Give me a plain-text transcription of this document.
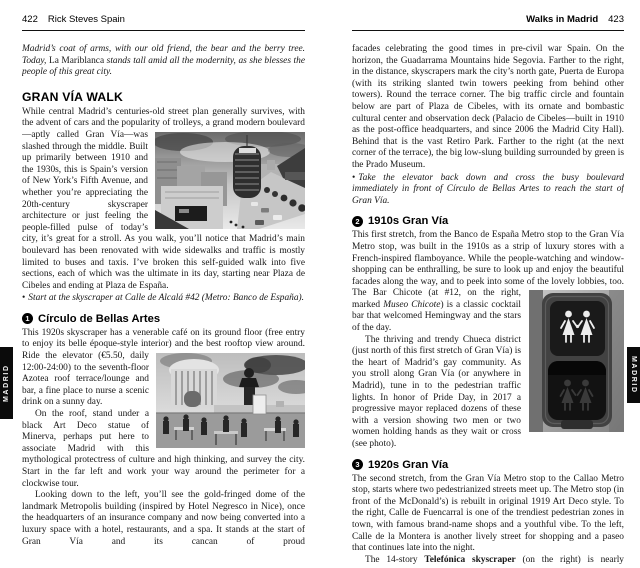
422 Rick Steves Spain

Madrid’s coat of arms, with our old friend, the bear and the berry tree. Today, La Mariblanca stands tall amid all the modernity, as she blesses the people of this great city.

GRAN VÍA WALK

While central Madrid’s centuries-old street plan generally survives, with the advent of cars and the popularity of trolleys, a
grand modern boulevard—aptly called Gran Vía—was slashed through the middle. Built up primarily between 1910 and the 1930s, this is Spain’s version of New York’s Fifth Avenue, and whether you’re appreciating the 20th-century skyscraper architecture or just feeling the people-filled pulse of today’s city, it’s great for a stroll. As you walk, you’ll notice that Madrid’s main boulevard has been renovated with wide sidewalks and traffic is mostly limited to buses and taxis. I’ve broken this self-guided walk into five sections, each of which was the ultimate in its day, starting near Plaza de Cibeles and ending at Plaza de España.

• Start at the skyscraper at Calle de Alcalá #42 (Metro: Banco de España).

1 Círculo de Bellas Artes

This 1920s skyscraper has a venerable café on its ground floor (free entry to enjoy its belle époque-style interior) and the best rooftop
view around. Ride the elevator (€5.50, daily 12:00-24:00) to the seventh-floor Azotea roof terrace/lounge and bar, a fine place to nurse a scenic drink on a sunny day.

On the roof, stand under a black Art Deco statue of Minerva, perhaps put here to associate Madrid with this mythological protectress of culture and high thinking, and survey the city. Start in the far left and work your way around the perimeter for a clockwise tour.

Looking down to the left, you’ll see the gold-fringed dome of the landmark Metropolis building (inspired by Hotel Negresco in Nice), once the headquarters of an insurance company and now being converted into a luxury space with a hotel, restaurants, and a spa. It stands at the start of Gran Vía and its cancan of proud

Walks in Madrid 423

facades celebrating the good times in pre-civil war Spain. On the horizon, the Guadarrama Mountains hide Segovia. Farther to the right, in the distance, skyscrapers mark the city’s north gate, Puerta de Europa (with its striking slanted twin towers peeking from behind other towers). Round the terrace corner. The big traffic circle and fountain below are part of Plaza de Cibeles, with its ornate and bombastic cultural center and observation deck (Palacio de Cibeles—built in 1910 as the post-office headquarters, and since 2006 the Madrid City Hall). Behind that is the vast Retiro Park. Farther to the right (at the next corner of the terrace), the big low-slung building surrounded by green is the Prado Museum.

• Take the elevator back down and cross the busy boulevard immediately in front of Círculo de Bellas Artes to reach the start of Gran Vía.

2 1910s Gran Vía

This first stretch, from the Banco de España Metro stop to the Gran Vía Metro stop, was built in the 1910s as a strip of luxury stores with a French-inspired flamboyance. While the people-watching and window-shopping can be enthralling, be sure to look up and enjoy the beautiful facades along the way, and to peek into some of the lovely lobbies, too. The Bar Chicote (at #12, on the
right, marked Museo Chicote) is a classic cocktail bar that welcomed Hemingway and the stars of the day.

The thriving and trendy Chueca district (just north of this first stretch of Gran Vía) is the heart of Madrid’s gay community. As you stroll along Gran Vía (or anywhere in Madrid), tune in to the pedestrian traffic lights. In honor of Pride Day, in 2017 a progressive mayor replaced dozens of these with a version showing two men or two women holding hands as they wait or cross (see photo).

3 1920s Gran Vía

The second stretch, from the Gran Vía Metro stop to the Callao Metro stop, starts where two pedestrianized streets meet up. The Metro stop (in front of the McDonald’s) is rebuilt in original 1919 Art Deco style. To the right, Calle de Fuencarral is one of the trendiest pedestrian zones in town, with famous brand-name shops and a youthful vibe. To the left, Calle de la Montera is another lively street for shopping and a paseo that continues late into the night.

The 14-story Telefónica skyscraper (on the right) is nearly

MADRID	MADRID
